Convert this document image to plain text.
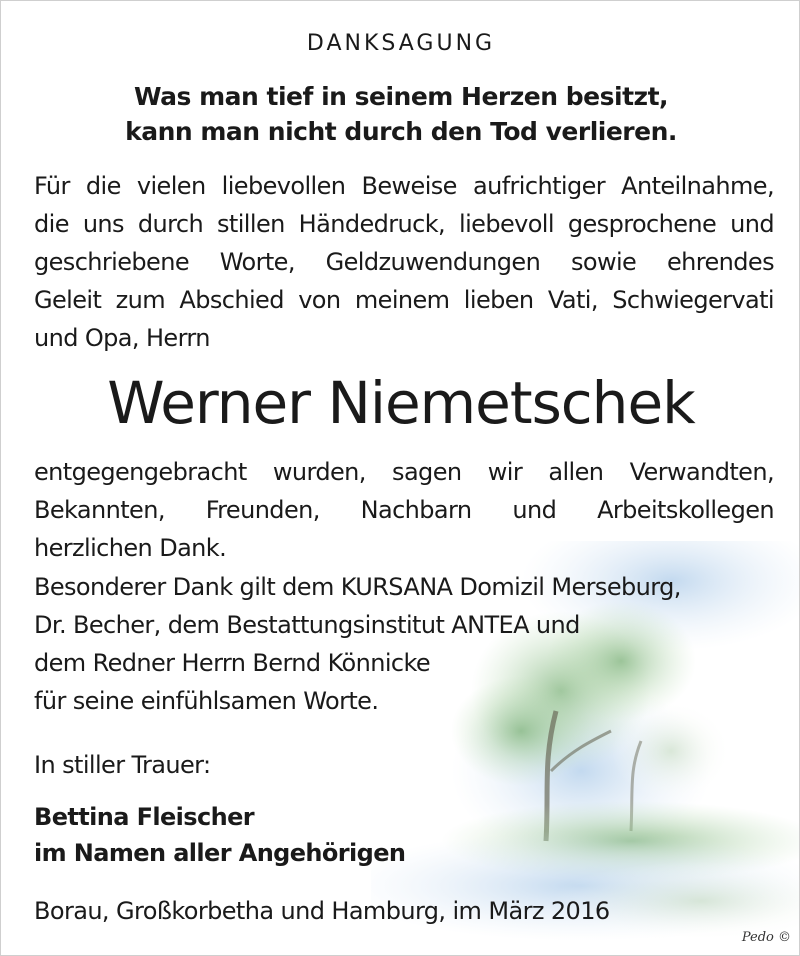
DANKSAGUNG
Was man tief in seinem Herzen besitzt,
kann man nicht durch den Tod verlieren.
Für die vielen liebevollen Beweise aufrichtiger Anteilnahme,
die uns durch stillen Händedruck, liebevoll gesprochene und
geschriebene Worte, Geldzuwendungen sowie ehrendes
Geleit zum Abschied von meinem lieben Vati, Schwiegervati
und Opa, Herrn
Werner Niemetschek
entgegengebracht wurden, sagen wir allen Verwandten,
Bekannten, Freunden, Nachbarn und Arbeitskollegen
herzlichen Dank.
Besonderer Dank gilt dem KURSANA Domizil Merseburg,
Dr. Becher, dem Bestattungsinstitut ANTEA und
dem Redner Herrn Bernd Könnicke
für seine einfühlsamen Worte.
In stiller Trauer:
Bettina Fleischer
im Namen aller Angehörigen
Borau, Großkorbetha und Hamburg, im März 2016
Pedo ©
